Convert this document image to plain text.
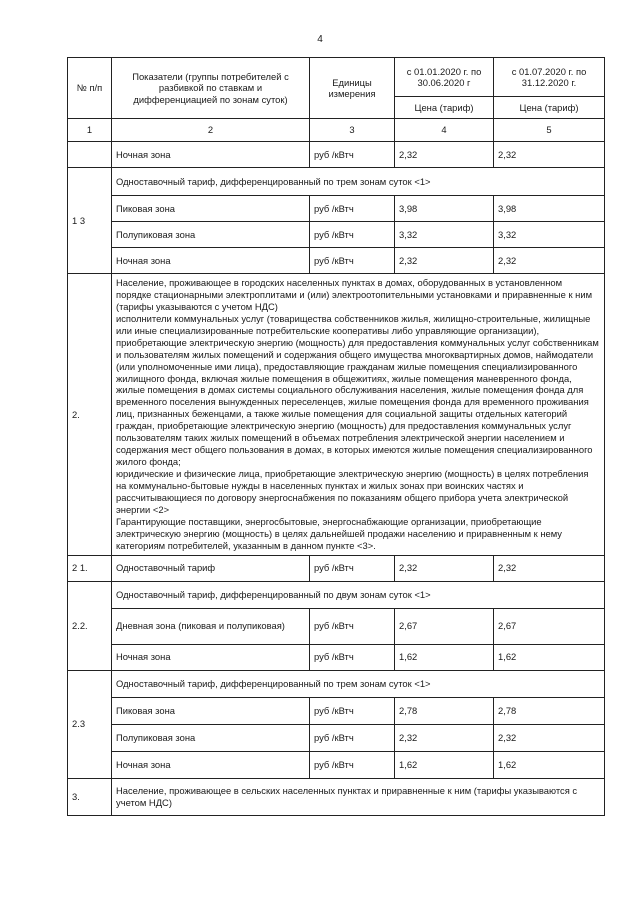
4
№ п/п	Показатели (группы потребителей с разбивкой по ставкам и дифференциацией по зонам суток)	Единицы измерения	с 01.01.2020 г. по 30.06.2020 г	с 01.07.2020 г. по 31.12.2020 г.
			Цена (тариф)	Цена (тариф)
1	2	3	4	5
	Ночная зона	руб /кВтч	2,32	2,32
1 3	Одноставочный тариф, дифференцированный по трем зонам суток <1>			
	Пиковая зона	руб /кВтч	3,98	3,98
	Полупиковая зона	руб /кВтч	3,32	3,32
	Ночная зона	руб /кВтч	2,32	2,32
2.	Население, проживающее в городских населенных пунктах в домах, оборудованных в установленном порядке стационарными электроплитами и (или) электроотопительными установками и приравненные к ним (тарифы указываются с учетом НДС)

исполнители коммунальных услуг (товарищества собственников жилья, жилищно-строительные, жилищные или иные специализированные потребительские кооперативы либо управляющие организации), приобретающие электрическую энергию (мощность) для предоставления коммунальных услуг собственникам и пользователям жилых помещений и содержания общего имущества многоквартирных домов, наймодатели (или уполномоченные ими лица), предоставляющие гражданам жилые помещения специализированного жилищного фонда, включая жилые помещения в общежитиях, жилые помещения маневренного фонда, жилые помещения в домах системы социального обслуживания населения, жилые помещения фонда для временного поселения вынужденных переселенцев, жилые помещения фонда для временного проживания лиц, признанных беженцами, а также жилые помещения для социальной защиты отдельных категорий граждан, приобретающие электрическую энергию (мощность) для предоставления коммунальных услуг пользователям таких жилых помещений в объемах потребления электрической энергии населением и содержания мест общего пользования в домах, в которых имеются жилые помещения специализированного жилого фонда;

юридические и физические лица, приобретающие электрическую энергию (мощность) в целях потребления на коммунально-бытовые нужды в населенных пунктах и жилых зонах при воинских частях и рассчитывающиеся по договору энергоснабжения по показаниям общего прибора учета электрической энергии <2>

Гарантирующие поставщики, энергосбытовые, энергоснабжающие организации, приобретающие электрическую энергию (мощность) в целях дальнейшей продажи населению и приравненным к нему категориям потребителей, указанным в данном пункте <3>.			

2 1.	Одноставочный тариф	руб /кВтч	2,32	2,32
2.2.	Одноставочный тариф, дифференцированный по двум зонам суток <1>			
	Дневная зона (пиковая и полупиковая)	руб /кВтч	2,67	2,67
	Ночная зона	руб /кВтч	1,62	1,62
2.3	Одноставочный тариф, дифференцированный по трем зонам суток <1>			
	Пиковая зона	руб /кВтч	2,78	2,78
	Полупиковая зона	руб /кВтч	2,32	2,32
	Ночная зона	руб /кВтч	1,62	1,62
3.	Население, проживающее в сельских населенных пунктах и приравненные к ним (тарифы указываются с учетом НДС)			
